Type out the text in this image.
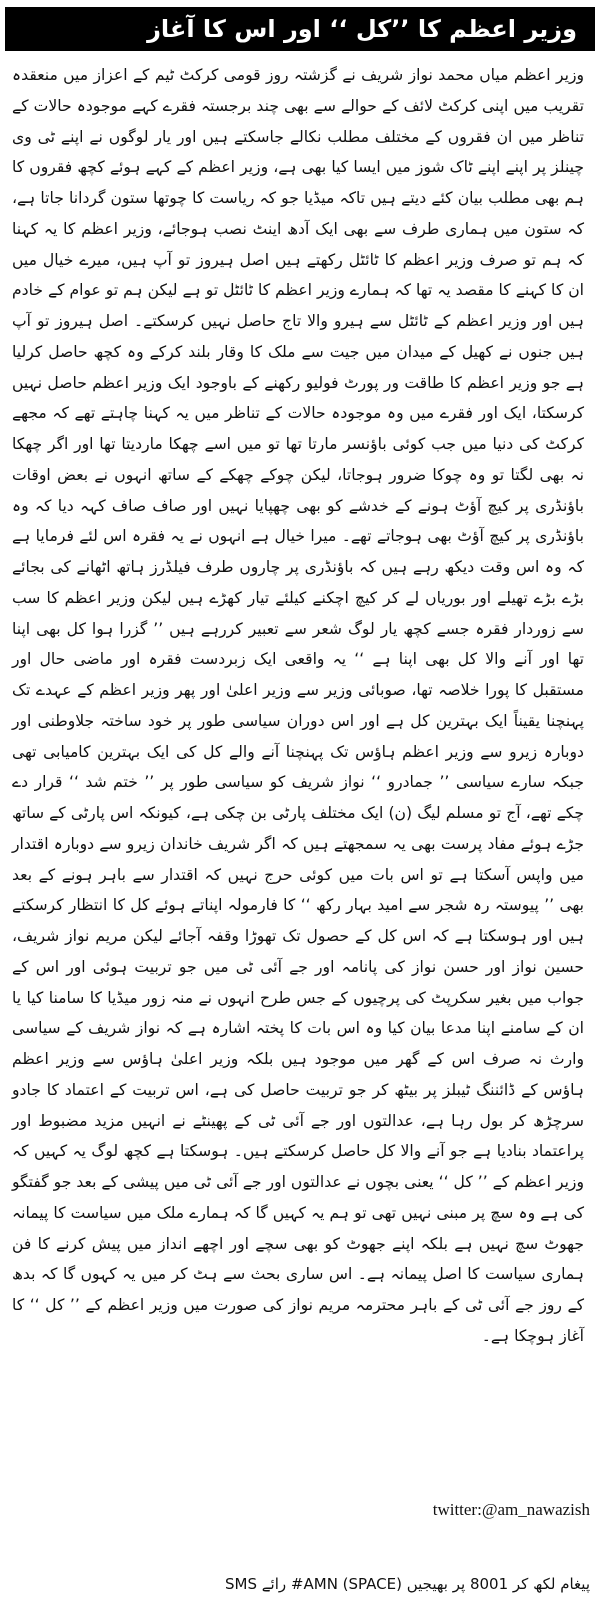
وزیر اعظم کا ’’کل ‘‘ اور اس کا آغاز

وزیر اعظم میاں محمد نواز شریف نے گزشتہ روز قومی کرکٹ ٹیم کے اعزاز میں منعقدہ تقریب میں اپنی کرکٹ لائف کے حوالے سے بھی چند برجستہ فقرے کہے موجودہ حالات کے تناظر میں ان فقروں کے مختلف مطلب نکالے جاسکتے ہیں اور یار لوگوں نے اپنے ٹی وی چینلز پر اپنے اپنے ٹاک شوز میں ایسا کیا بھی ہے، وزیر اعظم کے کہے ہوئے کچھ فقروں کا ہم بھی مطلب بیان کئے دیتے ہیں تاکہ میڈیا جو کہ ریاست کا چوتھا ستون گردانا جاتا ہے، کہ ستون میں ہماری طرف سے بھی ایک آدھ اینٹ نصب ہوجائے، وزیر اعظم کا یہ کہنا کہ ہم تو صرف وزیر اعظم کا ٹائٹل رکھتے ہیں اصل ہیروز تو آپ ہیں، میرے خیال میں ان کا کہنے کا مقصد یہ تھا کہ ہمارے وزیر اعظم کا ٹائٹل تو ہے لیکن ہم تو عوام کے خادم ہیں اور وزیر اعظم کے ٹائٹل سے ہیرو والا تاج حاصل نہیں کرسکتے۔ اصل ہیروز تو آپ ہیں جنوں نے کھیل کے میدان میں جیت سے ملک کا وقار بلند کرکے وہ کچھ حاصل کرلیا ہے جو وزیر اعظم کا طاقت ور پورٹ فولیو رکھنے کے باوجود ایک وزیر اعظم حاصل نہیں کرسکتا، ایک اور فقرے میں وہ موجودہ حالات کے تناظر میں یہ کہنا چاہتے تھے کہ مجھے کرکٹ کی دنیا میں جب کوئی باؤنسر مارتا تھا تو میں اسے چھکا ماردیتا تھا اور اگر چھکا نہ بھی لگتا تو وہ چوکا ضرور ہوجاتا، لیکن چوکے چھکے کے ساتھ انہوں نے بعض اوقات باؤنڈری پر کیچ آؤٹ ہونے کے خدشے کو بھی چھپایا نہیں اور صاف صاف کہہ دیا کہ وہ باؤنڈری پر کیچ آؤٹ بھی ہوجاتے تھے۔ میرا خیال ہے انہوں نے یہ فقرہ اس لئے فرمایا ہے کہ وہ اس وقت دیکھ رہے ہیں کہ باؤنڈری پر چاروں طرف فیلڈرز ہاتھ اٹھانے کی بجائے بڑے بڑے تھیلے اور بوریاں لے کر کیچ اچکنے کیلئے تیار کھڑے ہیں لیکن وزیر اعظم کا سب سے زوردار فقرہ جسے کچھ یار لوگ شعر سے تعبیر کررہے ہیں ’’ گزرا ہوا کل بھی اپنا تھا اور آنے والا کل بھی اپنا ہے ‘‘ یہ واقعی ایک زبردست فقرہ اور ماضی حال اور مستقبل کا پورا خلاصہ تھا، صوبائی وزیر سے وزیر اعلیٰ اور پھر وزیر اعظم کے عہدے تک پہنچنا یقیناً ایک بہترین کل ہے اور اس دوران سیاسی طور پر خود ساختہ جلاوطنی اور دوبارہ زیرو سے وزیر اعظم ہاؤس تک پہنچنا آنے والے کل کی ایک بہترین کامیابی تھی جبکہ سارے سیاسی ’’ جمادرو ‘‘ نواز شریف کو سیاسی طور پر ’’ ختم شد ‘‘ قرار دے چکے تھے، آج تو مسلم لیگ (ن) ایک مختلف پارٹی بن چکی ہے، کیونکہ اس پارٹی کے ساتھ جڑے ہوئے مفاد پرست بھی یہ سمجھتے ہیں کہ اگر شریف خاندان زیرو سے دوبارہ اقتدار میں واپس آسکتا ہے تو اس بات میں کوئی حرج نہیں کہ اقتدار سے باہر ہونے کے بعد بھی ’’ پیوستہ رہ شجر سے امید بہار رکھ ‘‘ کا فارمولہ اپناتے ہوئے کل کا انتظار کرسکتے ہیں اور ہوسکتا ہے کہ اس کل کے حصول تک تھوڑا وقفہ آجائے لیکن مریم نواز شریف، حسین نواز اور حسن نواز کی پانامہ اور جے آئی ٹی میں جو تربیت ہوئی اور اس کے جواب میں بغیر سکرپٹ کی پرچیوں کے جس طرح انہوں نے منہ زور میڈیا کا سامنا کیا یا ان کے سامنے اپنا مدعا بیان کیا وہ اس بات کا پختہ اشارہ ہے کہ نواز شریف کے سیاسی وارث نہ صرف اس کے گھر میں موجود ہیں بلکہ وزیر اعلیٰ ہاؤس سے وزیر اعظم ہاؤس کے ڈائننگ ٹیبلز پر بیٹھ کر جو تربیت حاصل کی ہے، اس تربیت کے اعتماد کا جادو سرچڑھ کر بول رہا ہے، عدالتوں اور جے آئی ٹی کے پھینٹے نے انہیں مزید مضبوط اور پراعتماد بنادیا ہے جو آنے والا کل حاصل کرسکتے ہیں۔ ہوسکتا ہے کچھ لوگ یہ کہیں کہ وزیر اعظم کے ’’ کل ‘‘ یعنی بچوں نے عدالتوں اور جے آئی ٹی میں پیشی کے بعد جو گفتگو کی ہے وہ سچ پر مبنی نہیں تھی تو ہم یہ کہیں گا کہ ہمارے ملک میں سیاست کا پیمانہ جھوٹ سچ نہیں ہے بلکہ اپنے جھوٹ کو بھی سچے اور اچھے انداز میں پیش کرنے کا فن ہماری سیاست کا اصل پیمانہ ہے۔ اس ساری بحث سے ہٹ کر میں یہ کہوں گا کہ بدھ کے روز جے آئی ٹی کے باہر محترمہ مریم نواز کی صورت میں وزیر اعظم کے ’’ کل ‘‘ کا آغاز ہوچکا ہے۔

twitter:@am_nawazish
پیغام لکھ کر 8001 پر بھیجیں (AMN (SPACE# رائے SMS
